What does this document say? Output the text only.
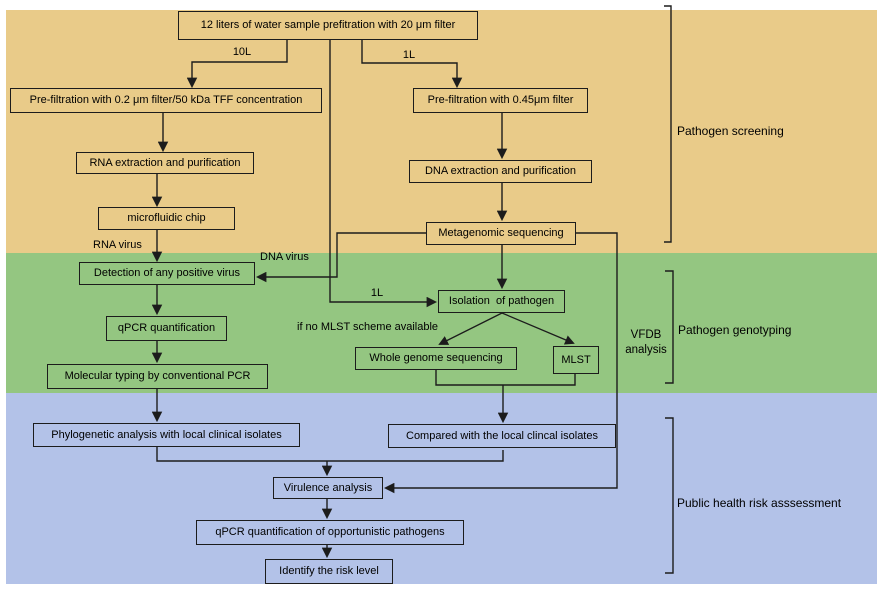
12 liters of water sample prefitration with 20 μm filter
Pre-filtration with 0.2 μm filter/50 kDa TFF concentration	Pre-filtration with 0.45μm filter
RNA extraction and purification
microfluidic chip
Detection of any positive virus
qPCR quantification
Molecular typing by conventional PCR
DNA extraction and purification
Metagenomic sequencing
Isolation  of pathogen
Whole genome sequencing	MLST
Phylogenetic analysis with local clinical isolates	Compared with the local clincal isolates
Virulence analysis
qPCR quantification of opportunistic pathogens
Identify the risk level
10L	1L
1L
RNA virus
DNA virus
if no MLST scheme available
VFDB analysis
Pathogen screening
Pathogen genotyping
Public health risk asssessment
